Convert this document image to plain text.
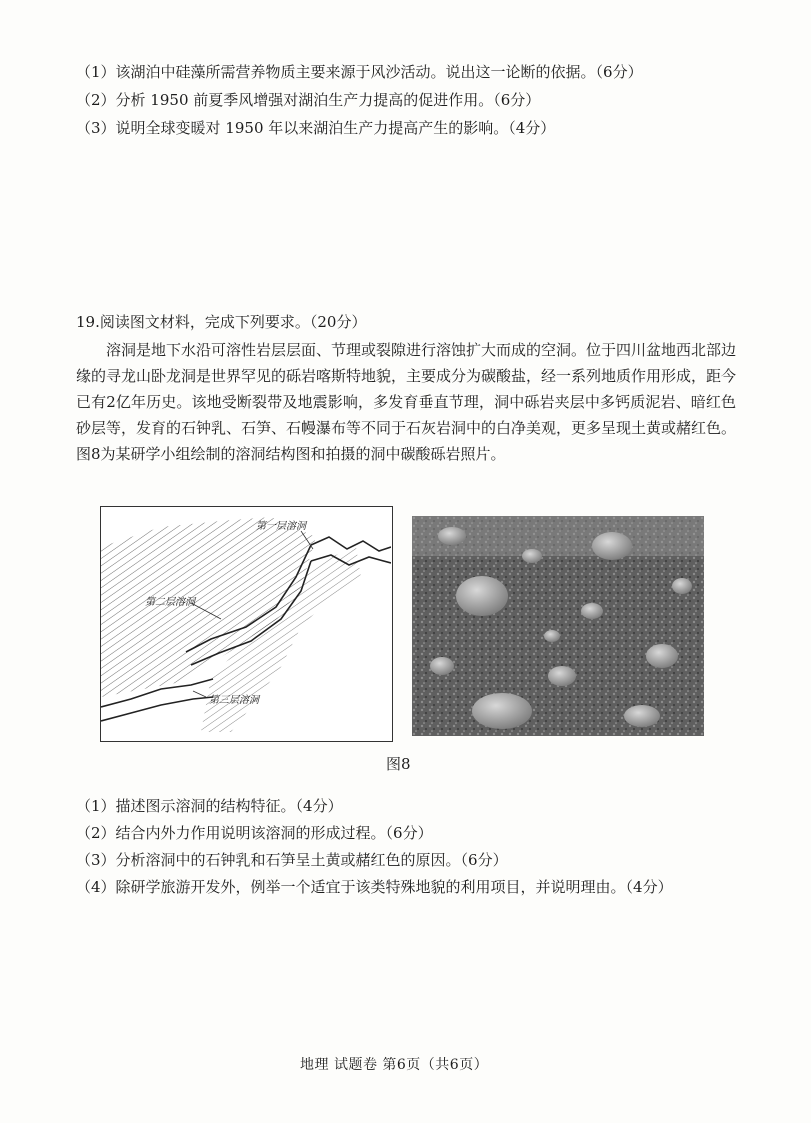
（1）该湖泊中硅藻所需营养物质主要来源于风沙活动。说出这一论断的依据。（6分）
（2）分析 1950 前夏季风增强对湖泊生产力提高的促进作用。（6分）
（3）说明全球变暖对 1950 年以来湖泊生产力提高产生的影响。（4分）
19.阅读图文材料，完成下列要求。（20分）
溶洞是地下水沿可溶性岩层层面、节理或裂隙进行溶蚀扩大而成的空洞。位于四川盆地西北部边缘的寻龙山卧龙洞是世界罕见的砾岩喀斯特地貌，主要成分为碳酸盐，经一系列地质作用形成，距今已有2亿年历史。该地受断裂带及地震影响，多发育垂直节理，洞中砾岩夹层中多钙质泥岩、暗红色砂层等，发育的石钟乳、石笋、石幔瀑布等不同于石灰岩洞中的白净美观，更多呈现土黄或赭红色。图8为某研学小组绘制的溶洞结构图和拍摄的洞中碳酸砾岩照片。
第一层溶洞
第二层溶洞
第三层溶洞
图8
（1）描述图示溶洞的结构特征。（4分）
（2）结合内外力作用说明该溶洞的形成过程。（6分）
（3）分析溶洞中的石钟乳和石笋呈土黄或赭红色的原因。（6分）
（4）除研学旅游开发外，例举一个适宜于该类特殊地貌的利用项目，并说明理由。（4分）
地理 试题卷 第6页（共6页）
